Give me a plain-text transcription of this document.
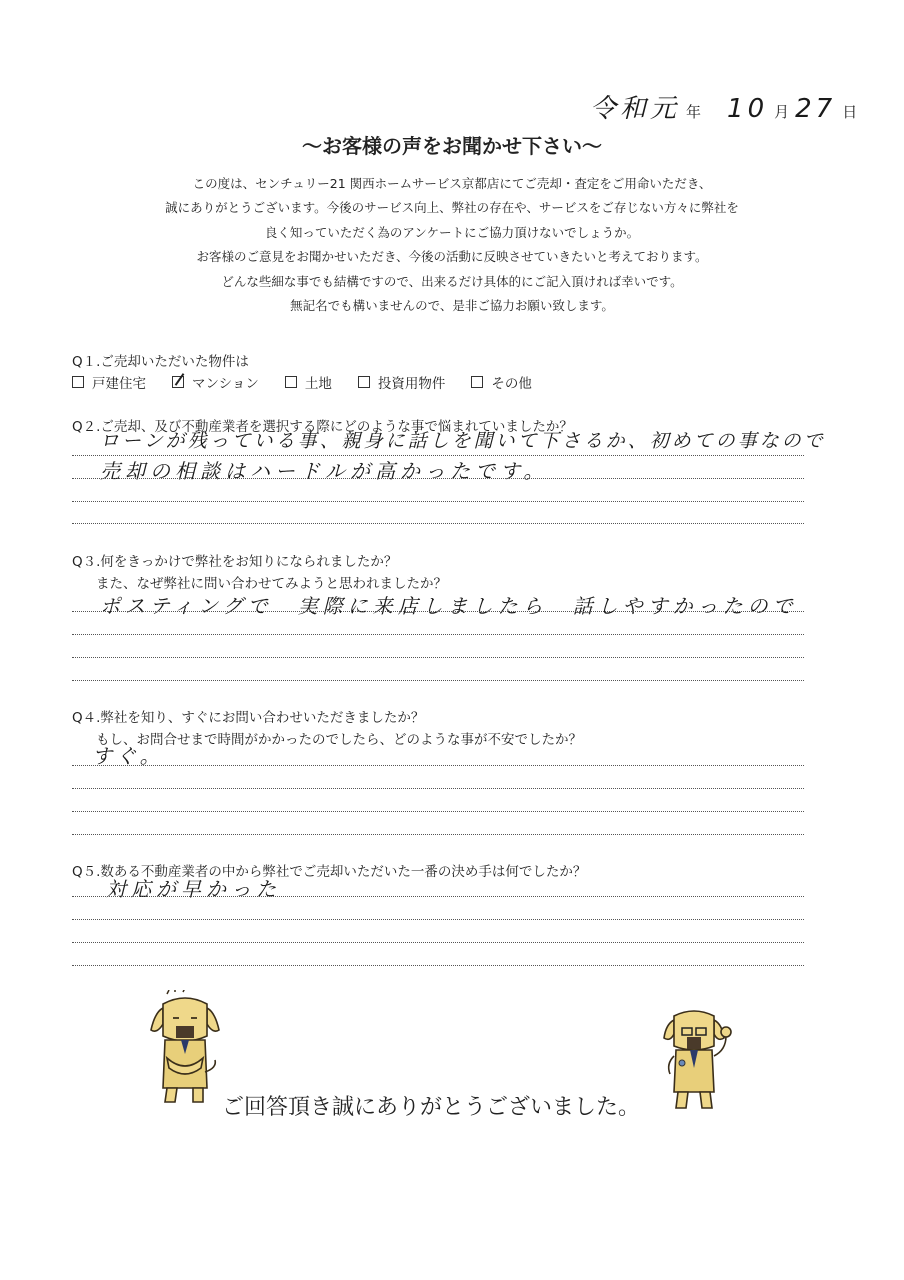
令和元 年 10 月 27 日
～お客様の声をお聞かせ下さい～
この度は、センチュリー21 関西ホームサービス京都店にてご売却・査定をご用命いただき、
誠にありがとうございます。今後のサービス向上、弊社の存在や、サービスをご存じない方々に弊社を
良く知っていただく為のアンケートにご協力頂けないでしょうか。
お客様のご意見をお聞かせいただき、今後の活動に反映させていきたいと考えております。
どんな些細な事でも結構ですので、出来るだけ具体的にご記入頂ければ幸いです。
無記名でも構いませんので、是非ご協力お願い致します。
Q１.ご売却いただいた物件は
戸建住宅	マンション	土地	投資用物件	その他
Q２.ご売却、及び不動産業者を選択する際にどのような事で悩まれていましたか？
ローンが残っている事、親身に話しを聞いて下さるか、初めての事なので
売却の相談はハードルが高かったです。
Q３.何をきっかけで弊社をお知りになられましたか？
また、なぜ弊社に問い合わせてみようと思われましたか？
ポスティングで　実際に来店しましたら　話しやすかったので
Q４.弊社を知り、すぐにお問い合わせいただきましたか？
もし、お問合せまで時間がかかったのでしたら、どのような事が不安でしたか？
すぐ。
Q５.数ある不動産業者の中から弊社でご売却いただいた一番の決め手は何でしたか？
対応が早かった
ご回答頂き誠にありがとうございました。
